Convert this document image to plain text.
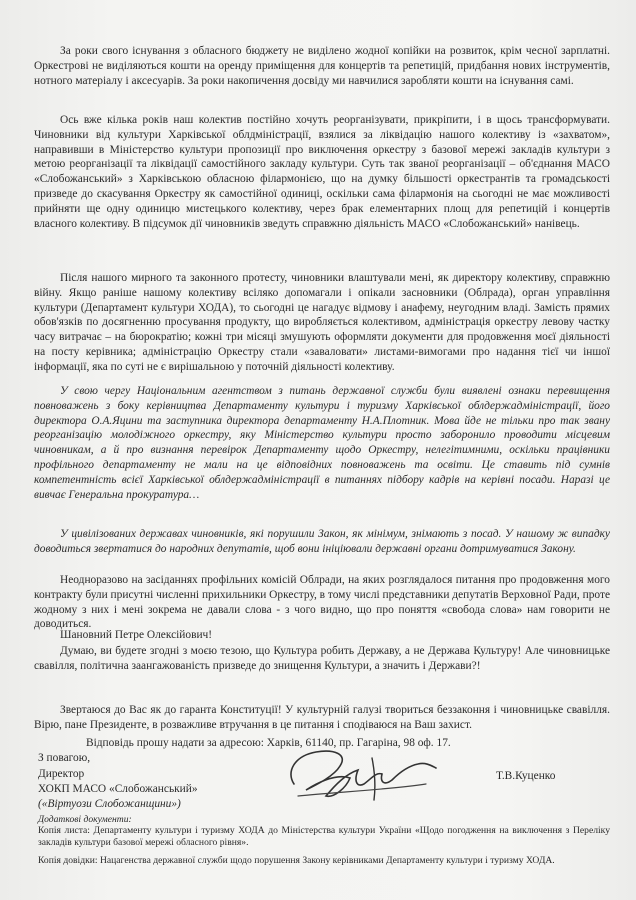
За роки свого існування з обласного бюджету не виділено жодної копійки на розвиток, крім чесної зарплатні. Оркестрові не виділяються кошти на оренду приміщення для концертів та репетицій, придбання нових інструментів, нотного матеріалу і аксесуарів. За роки накопичення досвіду ми навчилися заробляти кошти на існування самі.

Ось вже кілька років наш колектив постійно хочуть реорганізувати, прикріпити, і в щось трансформувати. Чиновники від культури Харківської облдміністрації, взялися за ліквідацію нашого колективу із «захватом», направивши в Міністерство культури пропозиції про виключення оркестру з базової мережі закладів культури з метою реорганізації та ліквідації самостійного закладу культури. Суть так званої реорганізації – об'єднання МАСО «Слобожанський» з Харківською обласною філармонією, що на думку більшості оркестрантів та громадськості призведе до скасування Оркестру як самостійної одиниці, оскільки сама філармонія на сьогодні не має можливості прийняти ще одну одиницю мистецького колективу, через брак елементарних площ для репетицій і концертів власного колективу. В підсумок дії чиновників зведуть справжню діяльність МАСО «Слобожанський» нанівець.

Після нашого мирного та законного протесту, чиновники влаштували мені, як директору колективу, справжню війну. Якщо раніше нашому колективу всіляко допомагали і опікали засновники (Облрада), орган управління культури (Департамент культури ХОДА), то сьогодні це нагадує відмову і анафему, неугодним владі. Замість прямих обов'язків по досягненню просування продукту, що виробляється колективом, адміністрація оркестру левову частку часу витрачає – на бюрократію; кожні три місяці змушують оформляти документи для продовження моєї діяльності на посту керівника; адміністрацію Оркестру стали «заваловати» листами-вимогами про надання тієї чи іншої інформації, яка по суті не є вирішальною у поточній діяльності колективу.

У свою чергу Національним агентством з питань державної служби були виявлені ознаки перевищення повноважень з боку керівництва Департаменту культури і туризму Харківської облдержадміністрації, його директора О.А.Яцини та заступника директора департаменту Н.А.Плотник. Мова йде не тільки про так звану реорганізацію молодіжного оркестру, яку Міністерство культури просто заборонило проводити місцевим чиновникам, а й про визнання перевірок Департаменту щодо Оркестру, нелегітимними, оскільки працівники профільного департаменту не мали на це відповідних повноважень та освіти. Це ставить під сумнів компетентність всієї Харківської облдержадміністрації в питаннях підбору кадрів на керівні посади. Наразі це вивчає Генеральна прокуратура…

У цивілізованих державах чиновників, які порушили Закон, як мінімум, знімають з посад. У нашому ж випадку доводиться звертатися до народних депутатів, щоб вони ініціювали державні органи дотримуватися Закону.

Неодноразово на засіданнях профільних комісій Облради, на яких розглядалося питання про продовження мого контракту були присутні численні прихильники Оркестру, в тому числі представники депутатів Верховної Ради, проте жодному з них і мені зокрема не давали слова - з чого видно, що про поняття «свобода слова» нам говорити не доводиться.

Шановний Петре Олексійович!

Думаю, ви будете згодні з моєю тезою, що Культура робить Державу, а не Держава Культуру! Але чиновницьке свавілля, політична заангажованість призведе до знищення Культури, а значить і Держави?!

Звертаюся до Вас як до гаранта Конституції! У культурній галузі твориться беззаконня і чиновницьке свавілля. Вірю, пане Президенте, в розважливе втручання в це питання і сподіваюся на Ваш захист.

Відповідь прошу надати за адресою: Харків, 61140, пр. Гагаріна, 98 оф. 17.
З повагою,
Директор
ХОКП МАСО «Слобожанський»
(«Віртуози Слобожанщини»)
Т.В.Куценко
Додаткові документи:

Копія листа: Департаменту культури і туризму ХОДА до Міністерства культури України «Щодо погодження на виключення з Переліку закладів культури базової мережі обласного рівня».

Копія довідки: Нацагенства державної служби щодо порушення Закону керівниками Департаменту культури і туризму ХОДА.
